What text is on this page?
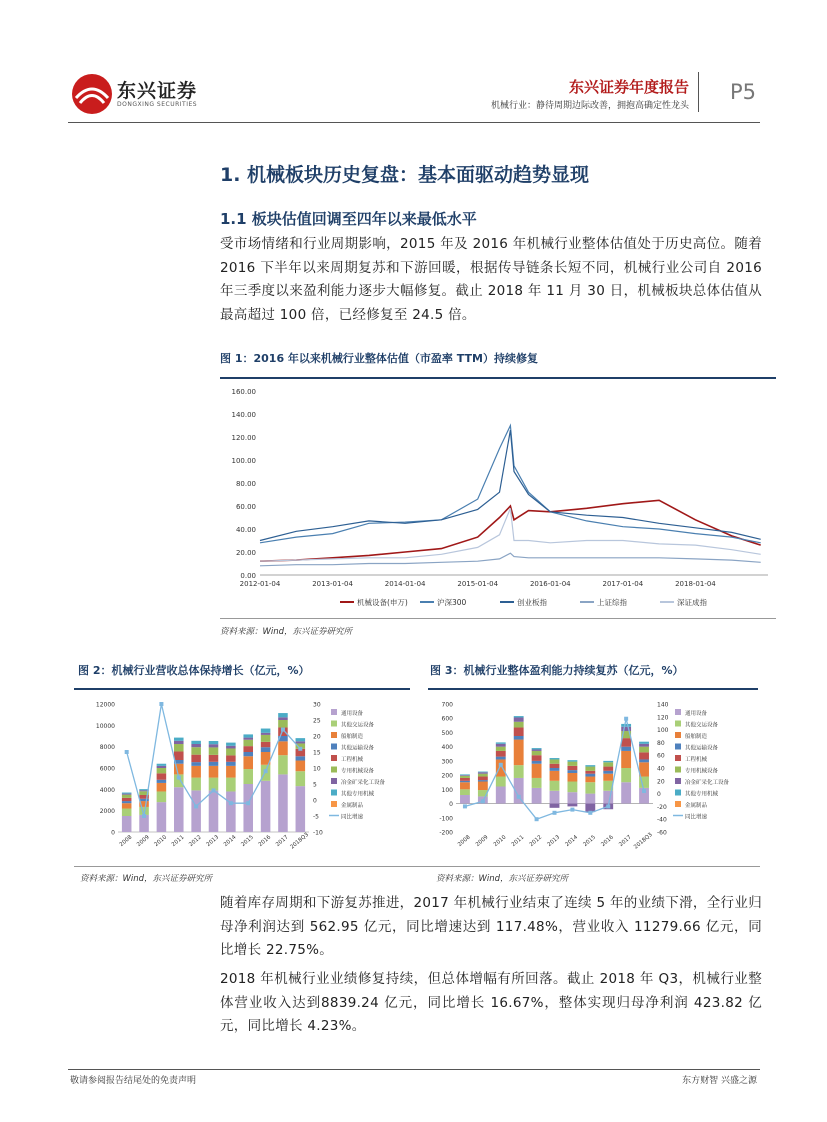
东兴证券
DONGXING SECURITIES
东兴证券年度报告
机械行业：静待周期边际改善，拥抱高确定性龙头
P5
1. 机械板块历史复盘：基本面驱动趋势显现
1.1 板块估值回调至四年以来最低水平
受市场情绪和行业周期影响，2015 年及 2016 年机械行业整体估值处于历史高位。随着 2016 下半年以来周期复苏和下游回暖，根据传导链条长短不同，机械行业公司自 2016 年三季度以来盈利能力逐步大幅修复。截止 2018 年 11 月 30 日，机械板块总体估值从最高超过 100 倍，已经修复至 24.5 倍。
图 1：2016 年以来机械行业整体估值（市盈率 TTM）持续修复
0.00
20.00
40.00
60.00
80.00
100.00
120.00
140.00
160.00
2012-01-04	2013-01-04	2014-01-04	2015-01-04	2016-01-04	2017-01-04	2018-01-04
机械设备(申万)	沪深300	创业板指	上证综指	深证成指
资料来源：Wind，东兴证券研究所
图 2：机械行业营收总体保持增长（亿元，%）
0
2000
4000
6000
8000
10000
12000
-10
-5
0
5
10
15
20
25
30
2008 2009 2010 2011 2012 2013 2014 2015 2016 2017 2018Q3
通用设备
其他交运设备
船舶制造
其他运输设备
工程机械
专用机械设备
冶金矿采化工设备
其他专用机械
金属制品
同比增速
图 3：机械行业整体盈利能力持续复苏（亿元，%）
-200
-100
0
100
200
300
400
500
600
700
-60
-40
-20
0
20
40
60
80
100
120
140
2008 2009 2010 2011 2012 2013 2014 2015 2016 2017 2018Q3
通用设备
其他交运设备
船舶制造
其他运输设备
工程机械
专用机械设备
冶金矿采化工设备
其他专用机械
金属制品
同比增速
资料来源：Wind，东兴证券研究所	资料来源：Wind，东兴证券研究所
随着库存周期和下游复苏推进，2017 年机械行业结束了连续 5 年的业绩下滑，全行业归母净利润达到 562.95 亿元，同比增速达到 117.48%，营业收入 11279.66 亿元，同比增长 22.75%。
2018 年机械行业业绩修复持续，但总体增幅有所回落。截止 2018 年 Q3，机械行业整体营业收入达到8839.24 亿元，同比增长 16.67%，整体实现归母净利润 423.82 亿元，同比增长 4.23%。
敬请参阅报告结尾处的免责声明	东方财智 兴盛之源
